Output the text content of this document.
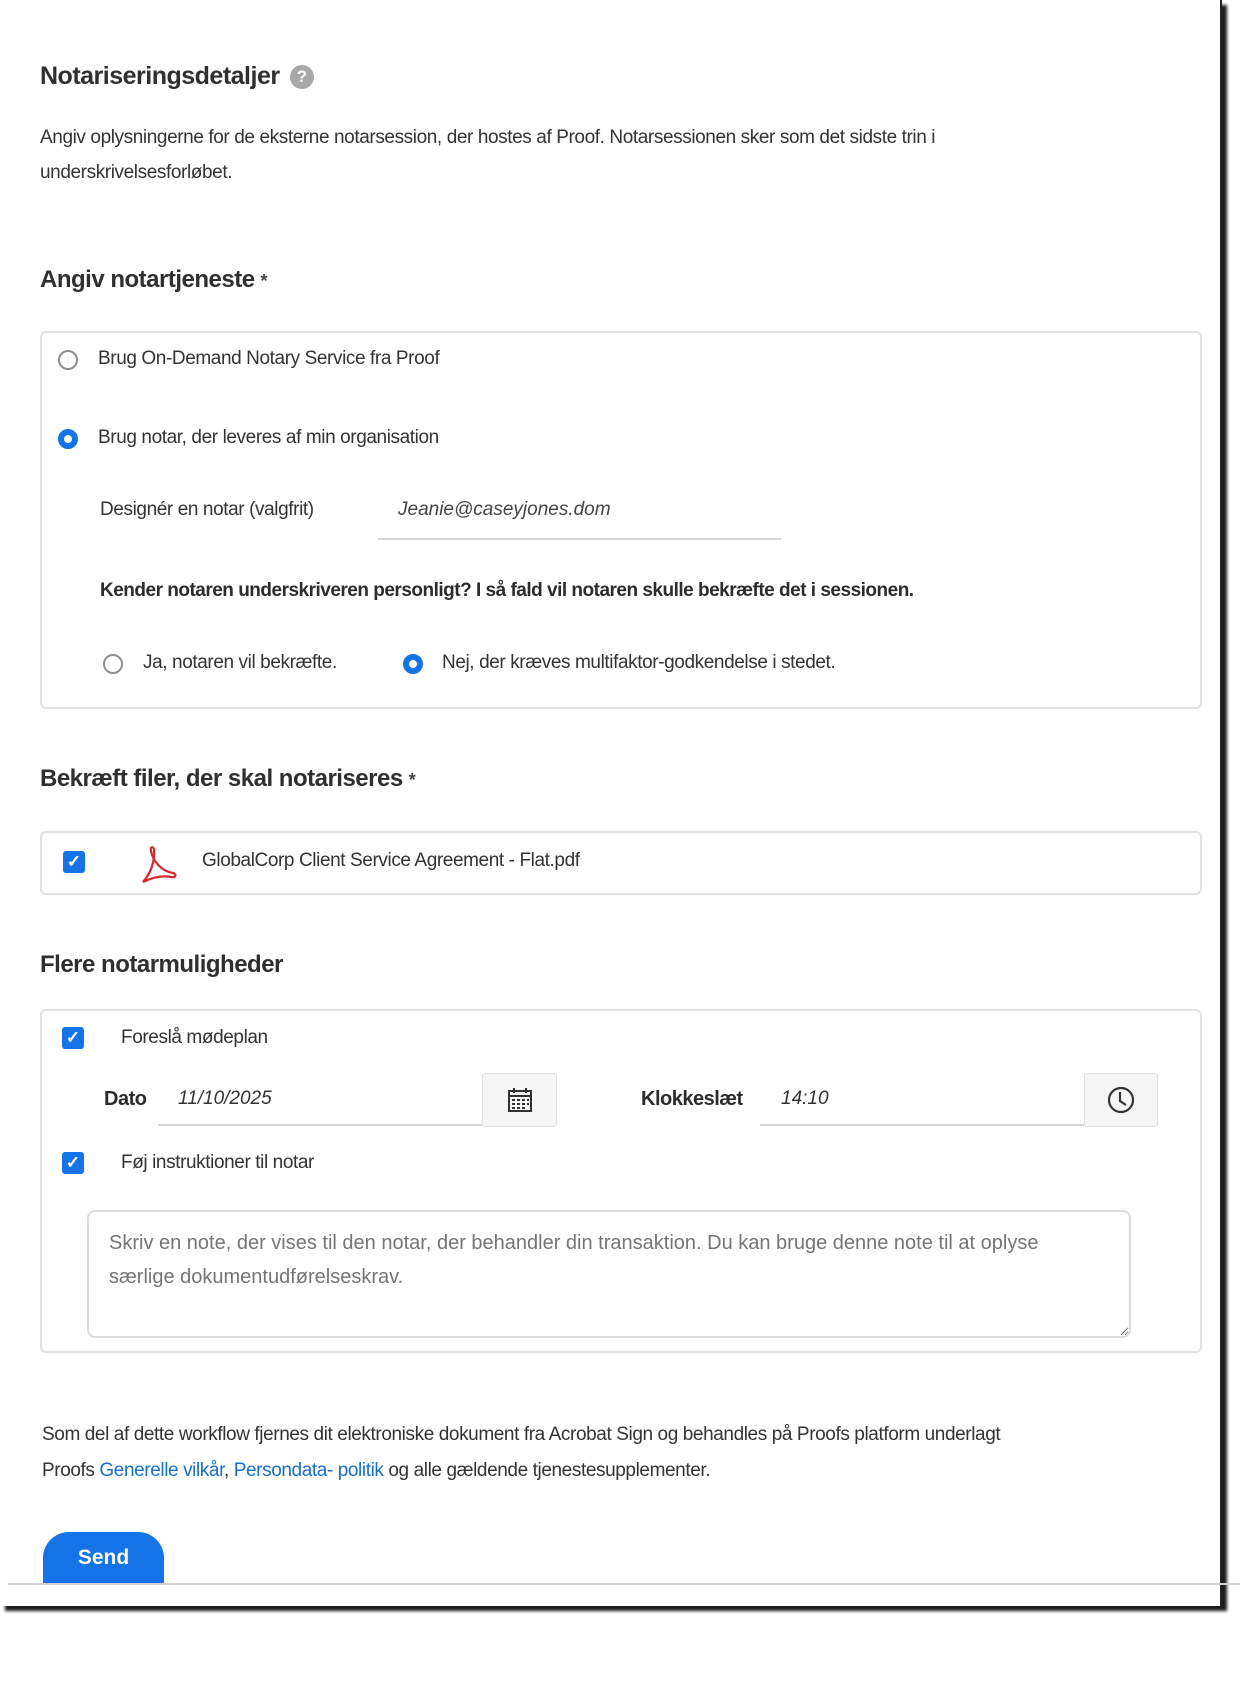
Notariseringsdetaljer ?
Angiv oplysningerne for de eksterne notarsession, der hostes af Proof. Notarsessionen sker som det sidste trin i
underskrivelsesforløbet.
Angiv notartjeneste *
Brug On-Demand Notary Service fra Proof
Brug notar, der leveres af min organisation
Designér en notar (valgfrit)	Jeanie@caseyjones.dom
Kender notaren underskriveren personligt? I så fald vil notaren skulle bekræfte det i sessionen.
Ja, notaren vil bekræfte.	Nej, der kræves multifaktor-godkendelse i stedet.
Bekræft filer, der skal notariseres *
✓	GlobalCorp Client Service Agreement - Flat.pdf
Flere notarmuligheder
✓ Foreslå mødeplan
Dato 11/10/2025	Klokkeslæt 14:10
✓ Føj instruktioner til notar
Skriv en note, der vises til den notar, der behandler din transaktion. Du kan bruge denne note til at oplyse særlige dokumentudførelseskrav.
Som del af dette workflow fjernes dit elektroniske dokument fra Acrobat Sign og behandles på Proofs platform underlagt
Proofs Generelle vilkår, Persondata- politik og alle gældende tjenestesupplementer.
Send
